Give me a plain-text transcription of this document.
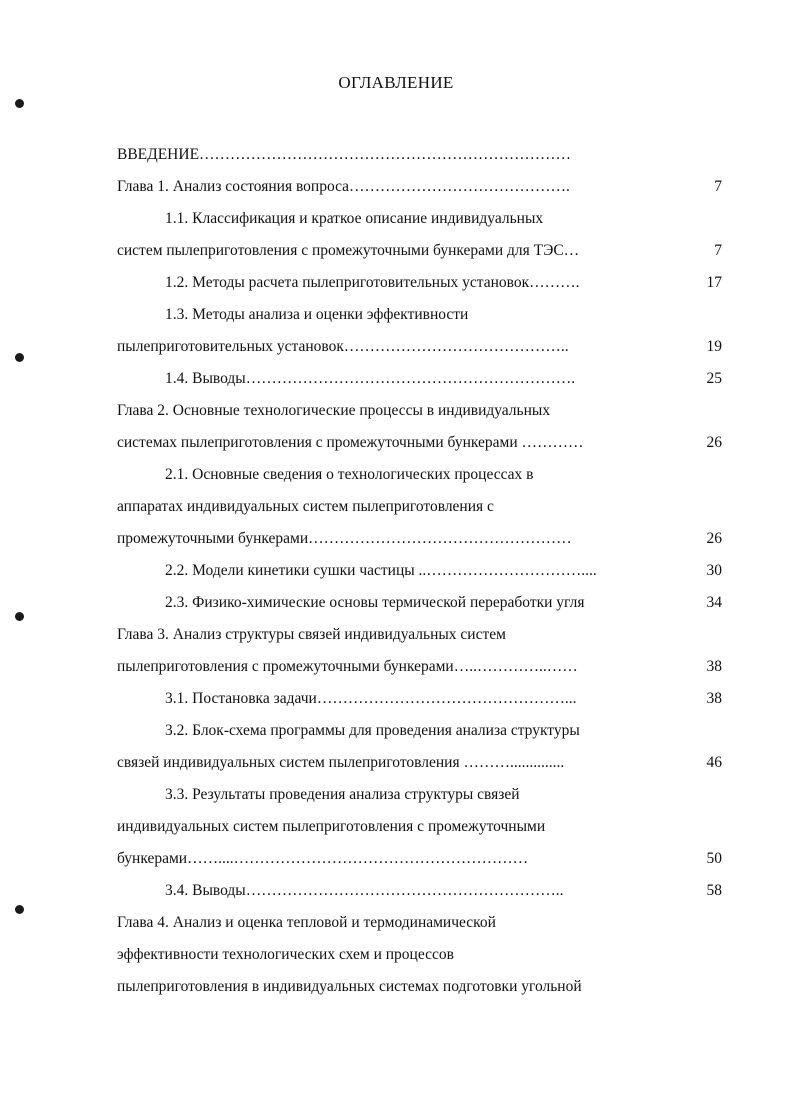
ОГЛАВЛЕНИЕ
ВВЕДЕНИЕ………………………………………………………………
Глава 1. Анализ состояния вопроса…………………………………….	7
1.1. Классификация и краткое описание индивидуальных
систем пылеприготовления с промежуточными бункерами для ТЭС…	7
1.2. Методы расчета пылеприготовительных установок……….	17
1.3. Методы анализа и оценки эффективности
пылеприготовительных установок……………………………………..	19
1.4. Выводы……………………………………………………….	25
Глава 2. Основные технологические процессы в индивидуальных
системах пылеприготовления с промежуточными бункерами …………	26
2.1. Основные сведения о технологических процессах в
аппаратах индивидуальных систем пылеприготовления с
промежуточными бункерами……………………………………………	26
2.2. Модели кинетики сушки частицы ..…………………………....	30
2.3. Физико-химические основы термической переработки угля	34
Глава 3. Анализ структуры связей индивидуальных систем
пылеприготовления с промежуточными бункерами…..…………..……	38
3.1. Постановка задачи…………………………………………...	38
3.2. Блок-схема программы для проведения анализа структуры
связей индивидуальных систем пылеприготовления ………..............	46
3.3. Результаты проведения анализа структуры связей
индивидуальных систем пылеприготовления с промежуточными
бункерами……....…………………………………………………	50
3.4. Выводы……………………………………………………..	58
Глава 4. Анализ и оценка тепловой и термодинамической
эффективности технологических схем и процессов
пылеприготовления в индивидуальных системах подготовки угольной
